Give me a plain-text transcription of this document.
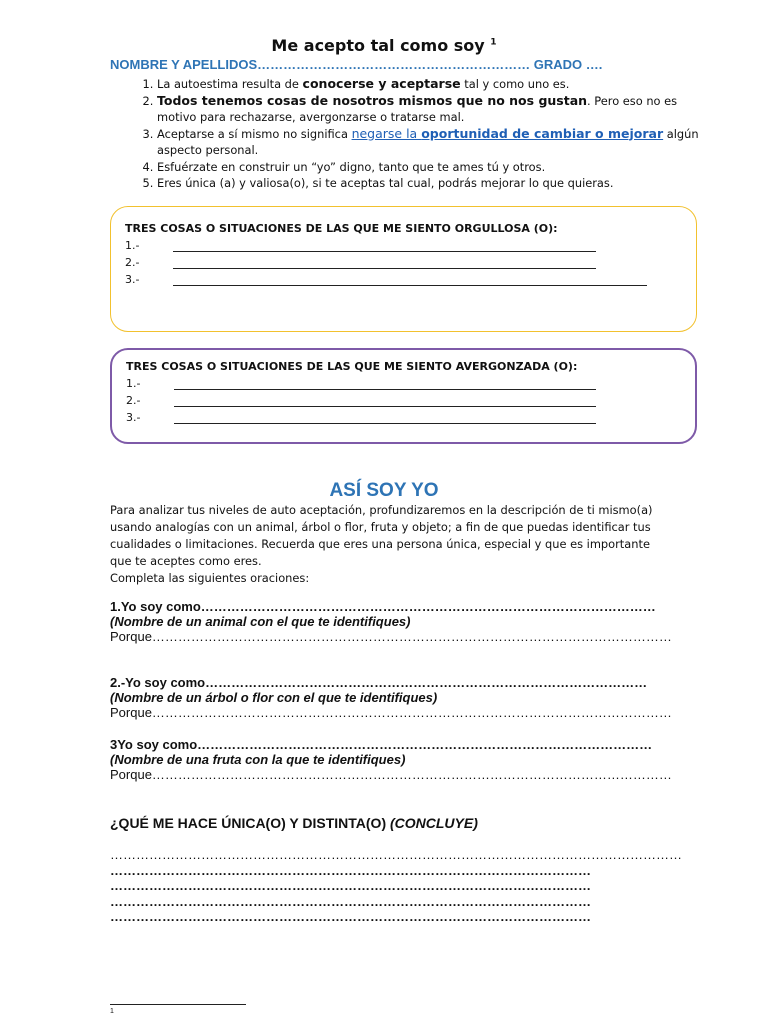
Me acepto tal como soy $^1$
NOMBRE Y APELLIDOS……………………………………………………… GRADO ….
1. La autoestima resulta de conocerse y aceptarse tal y como uno es.
2. Todos tenemos cosas de nosotros mismos que no nos gustan. Pero eso no es motivo para rechazarse, avergonzarse o tratarse mal.
3. Aceptarse a sí mismo no significa negarse la oportunidad de cambiar o mejorar algún aspecto personal.
4. Esfuérzate en construir un “yo” digno, tanto que te ames tú y otros.
5. Eres única (a) y valiosa(o), si te aceptas tal cual, podrás mejorar lo que quieras.
TRES COSAS O SITUACIONES DE LAS QUE ME SIENTO ORGULLOSA (O):
1.-
2.-
3.-
TRES COSAS O SITUACIONES DE LAS QUE ME SIENTO AVERGONZADA (O):
1.-
2.-
3.-
ASÍ SOY YO
Para analizar tus niveles de auto aceptación, profundizaremos en la descripción de ti mismo(a) usando analogías con un animal, árbol o flor, fruta y objeto; a fin de que puedas identificar tus cualidades o limitaciones. Recuerda que eres una persona única, especial y que es importante que te aceptes como eres.
Completa las siguientes oraciones:
1.Yo soy como……………………………………………………………………………………………
(Nombre de un animal con el que te identifiques)
Porque…………………………………………………………………………………………………………
2.-Yo soy como…………………………………………………………………………………………
(Nombre de un árbol o flor con el que te identifiques)
Porque…………………………………………………………………………………………………………
3Yo soy como……………………………………………………………………………………………
(Nombre de una fruta con la que te identifiques)
Porque…………………………………………………………………………………………………………
¿QUÉ ME HACE ÚNICA(O) Y DISTINTA(O) (CONCLUYE)
……………………………………………………………………………………………………………………
…………………………………………………………………………………………………
…………………………………………………………………………………………………
…………………………………………………………………………………………………
…………………………………………………………………………………………………
1
